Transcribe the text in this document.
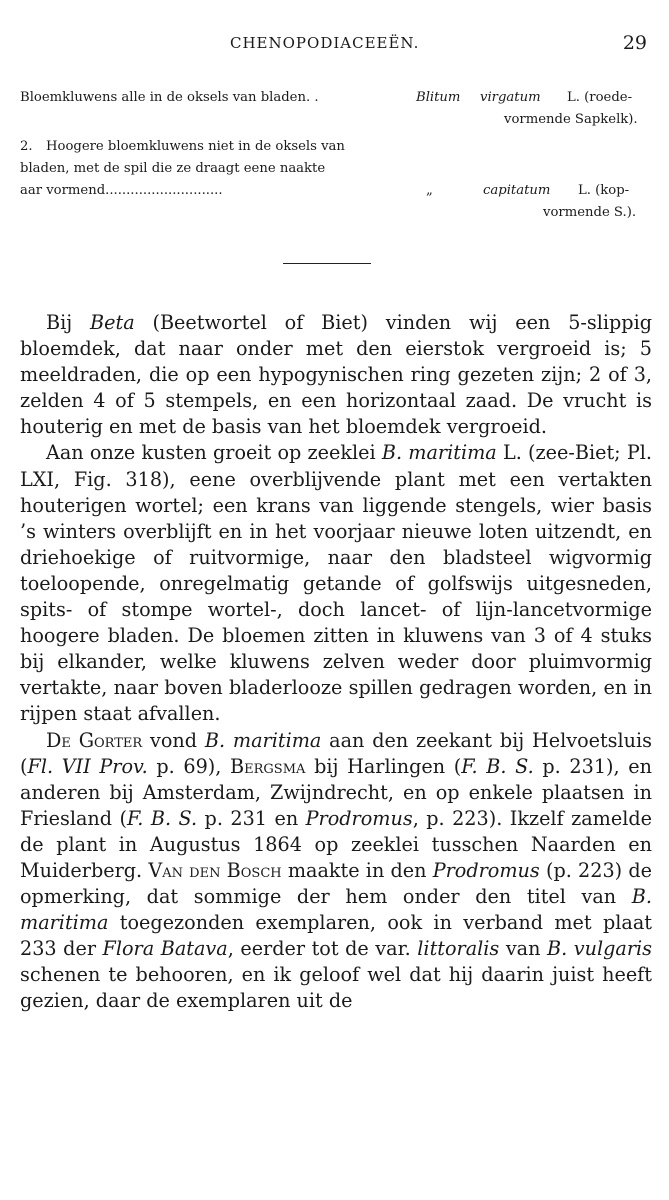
CHENOPODIACEEËN.	29
Bloemkluwens alle in de oksels van bladen. .	Blitum virgatum L. (roede-
vormende Sapkelk).
2. Hoogere bloemkluwens niet in de oksels van
bladen, met de spil die ze draagt eene naakte
aar vormend............................	„	capitatum L. (kop-
vormende S.).

Bij Beta (Beetwortel of Biet) vinden wij een 5-slippig bloemdek, dat naar onder met den eierstok vergroeid is; 5 meeldraden, die op een hypogynischen ring gezeten zijn; 2 of 3, zelden 4 of 5 stempels, en een horizontaal zaad. De vrucht is houterig en met de basis van het bloemdek vergroeid.

Aan onze kusten groeit op zeeklei B. maritima L. (zee-Biet; Pl. LXI, Fig. 318), eene overblijvende plant met een vertakten houterigen wortel; een krans van liggende stengels, wier basis ’s winters overblijft en in het voorjaar nieuwe loten uitzendt, en driehoekige of ruitvormige, naar den bladsteel wigvormig toeloopende, onregelmatig getande of golfswijs uitgesneden, spits- of stompe wortel-, doch lancet- of lijn-lancetvormige hoogere bladen. De bloemen zitten in kluwens van 3 of 4 stuks bij elkander, welke kluwens zelven weder door pluimvormig vertakte, naar boven bladerlooze spillen gedragen worden, en in rijpen staat afvallen.

De Gorter vond B. maritima aan den zeekant bij Helvoetsluis (Fl. VII Prov. p. 69), Bergsma bij Harlingen (F. B. S. p. 231), en anderen bij Amsterdam, Zwijndrecht, en op enkele plaatsen in Friesland (F. B. S. p. 231 en Prodromus, p. 223). Ikzelf zamelde de plant in Augustus 1864 op zeeklei tusschen Naarden en Muiderberg. Van den Bosch maakte in den Prodromus (p. 223) de opmerking, dat sommige der hem onder den titel van B. maritima toegezonden exemplaren, ook in verband met plaat 233 der Flora Batava, eerder tot de var. littoralis van B. vulgaris schenen te behooren, en ik geloof wel dat hij daarin juist heeft gezien, daar de exemplaren uit de
